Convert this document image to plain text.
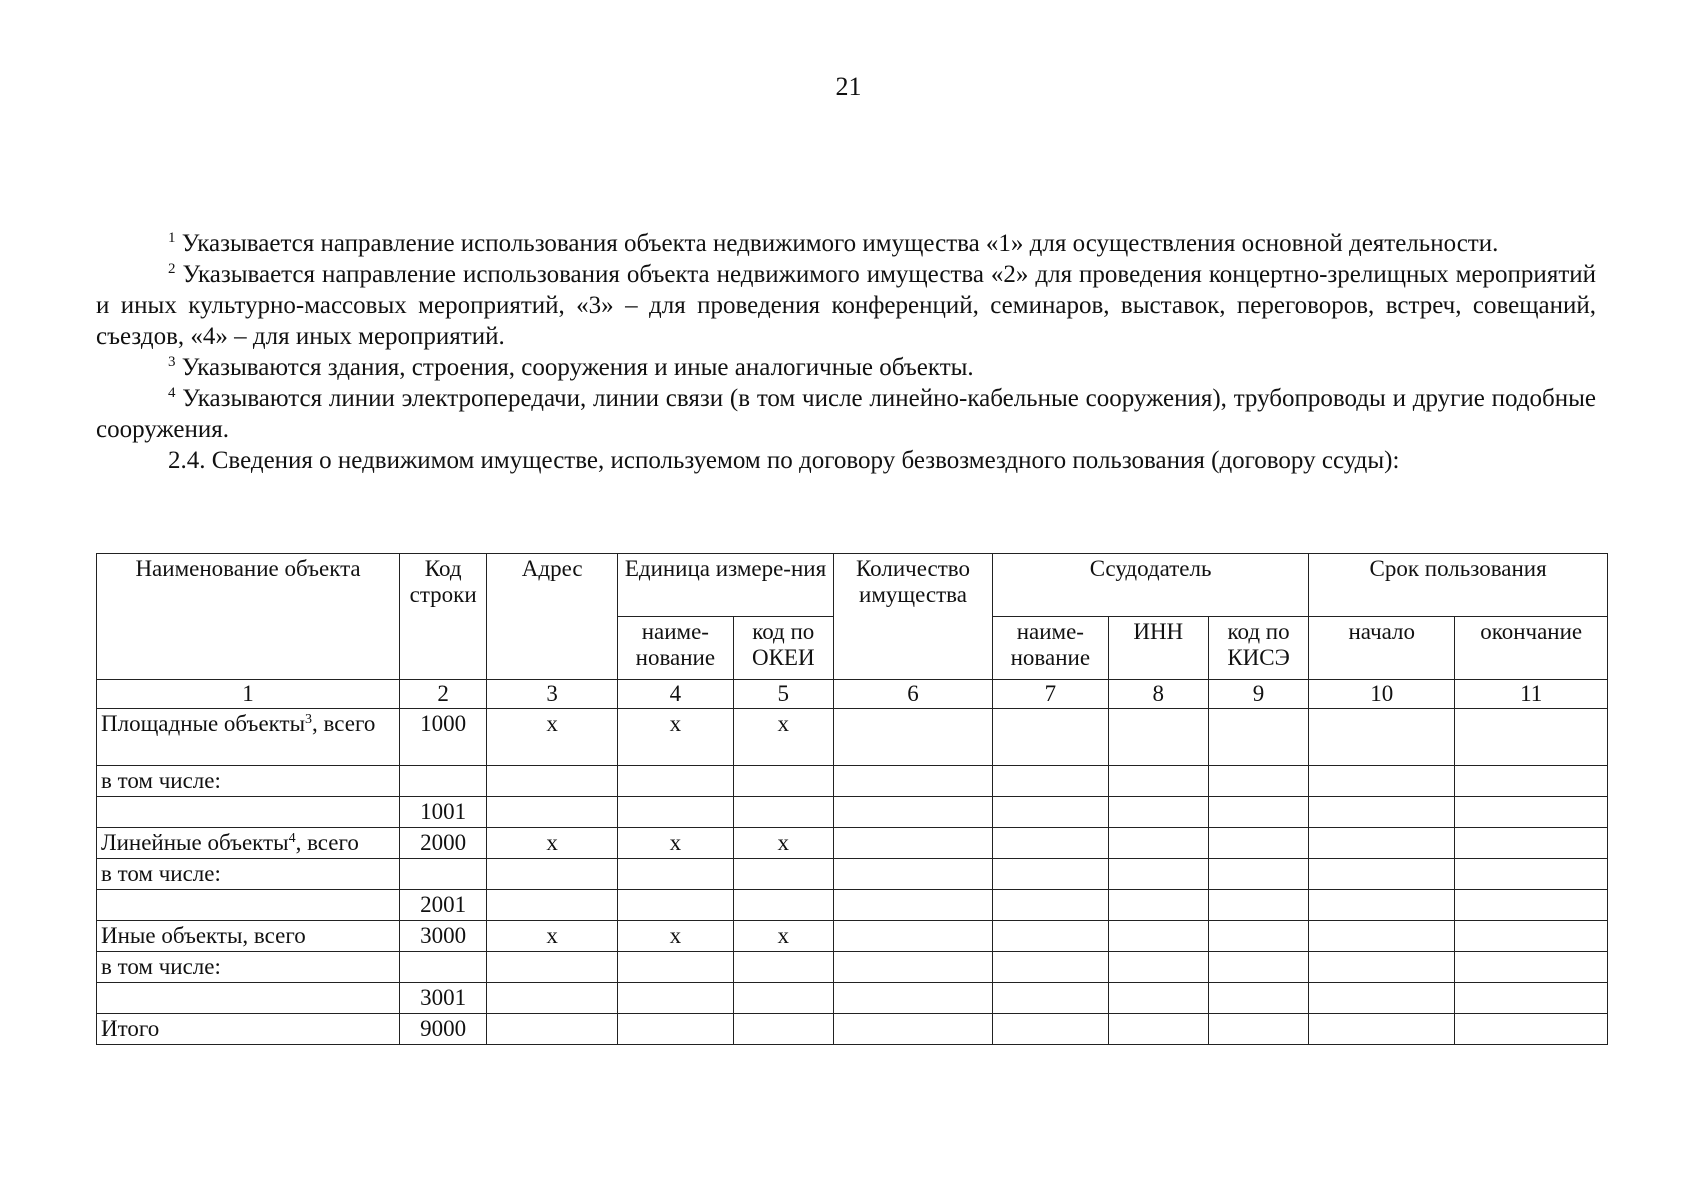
21

$^1$ Указывается направление использования объекта недвижимого имущества «1» для осуществления основной деятельности.

$^2$ Указывается направление использования объекта недвижимого имущества «2» для проведения концертно-зрелищных мероприятий и иных культурно-массовых мероприятий, «3» – для проведения конференций, семинаров, выставок, переговоров, встреч, совещаний, съездов, «4» – для иных мероприятий.

$^3$ Указываются здания, строения, сооружения и иные аналогичные объекты.

$^4$ Указываются линии электропередачи, линии связи (в том числе линейно-кабельные сооружения), трубопроводы и другие подобные сооружения.

2.4. Сведения о недвижимом имуществе, используемом по договору безвозмездного пользования (договору ссуды):

Наименование объекта	Код строки	Адрес	Единица измере-ния		Количество имущества	Ссудодатель			Срок пользования	
			наиме-нование	код по ОКЕИ		наиме-нование	ИНН	код по КИСЭ	начало	окончание
1	2	3	4	5	6	7	8	9	10	11
Площадные объекты$^3$, всего	1000	x	x	x						
в том числе:										
	1001									
Линейные объекты$^4$, всего	2000	x	x	x						
в том числе:										
	2001									
Иные объекты, всего	3000	x	x	x						
в том числе:										
	3001									
Итого	9000									
